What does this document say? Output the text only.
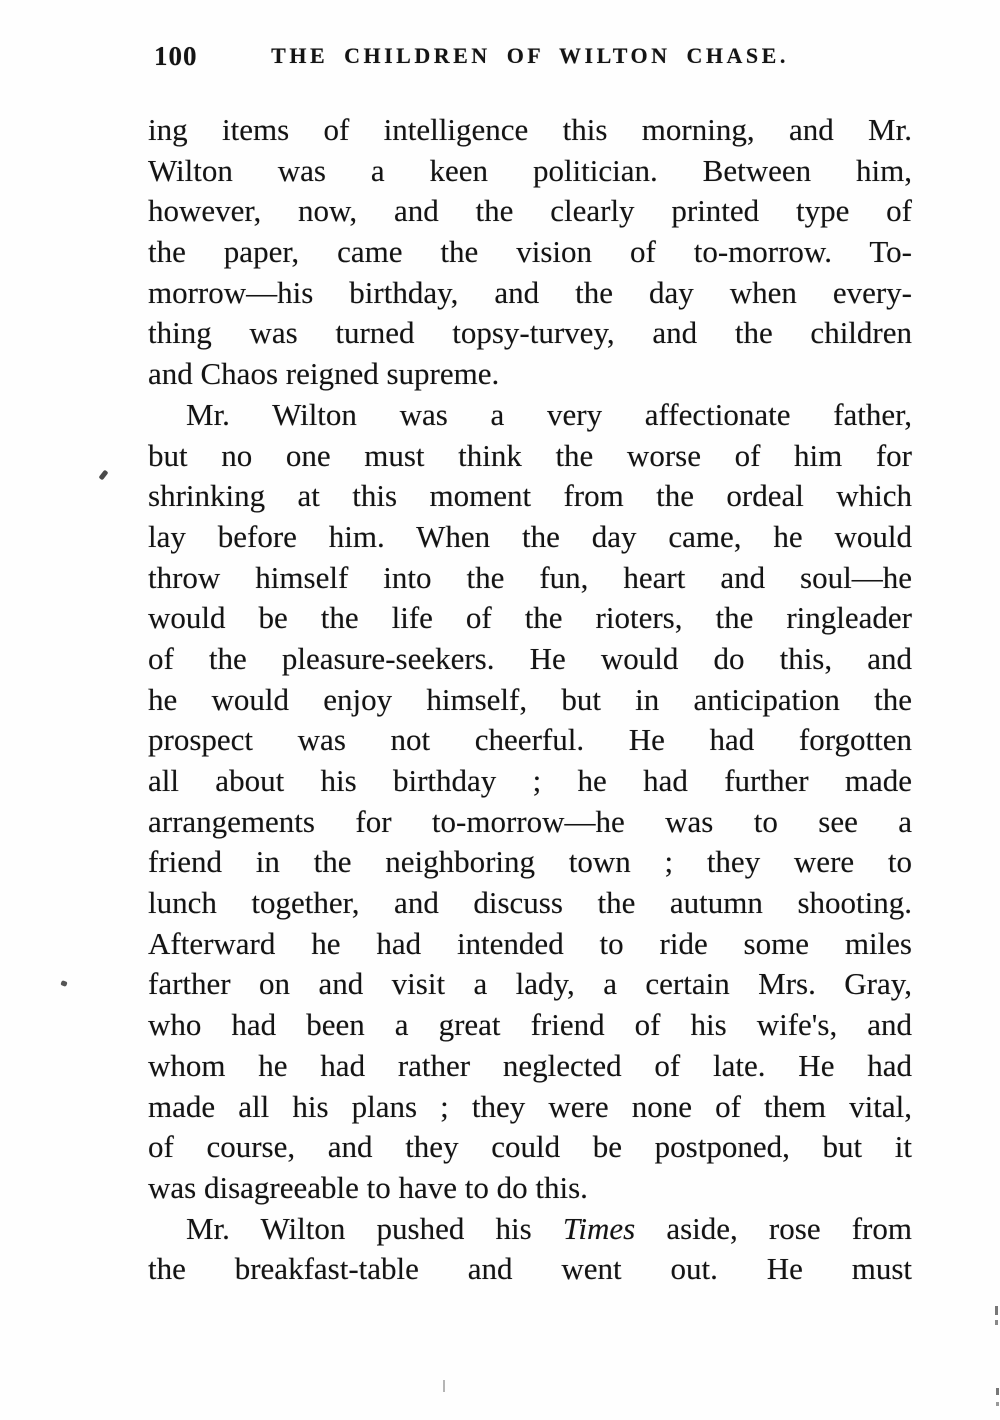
100	THE CHILDREN OF WILTON CHASE.
ing items of intelligence this morning, and Mr.
Wilton was a keen politician. Between him,
however, now, and the clearly printed type of
the paper, came the vision of to-morrow. To-
morrow—his birthday, and the day when every-
thing was turned topsy-turvey, and the children
and Chaos reigned supreme.
Mr. Wilton was a very affectionate father,
but no one must think the worse of him for
shrinking at this moment from the ordeal which
lay before him. When the day came, he would
throw himself into the fun, heart and soul—he
would be the life of the rioters, the ringleader
of the pleasure-seekers. He would do this, and
he would enjoy himself, but in anticipation the
prospect was not cheerful. He had forgotten
all about his birthday ; he had further made
arrangements for to-morrow—he was to see a
friend in the neighboring town ; they were to
lunch together, and discuss the autumn shooting.
Afterward he had intended to ride some miles
farther on and visit a lady, a certain Mrs. Gray,
who had been a great friend of his wife's, and
whom he had rather neglected of late. He had
made all his plans ; they were none of them vital,
of course, and they could be postponed, but it
was disagreeable to have to do this.
Mr. Wilton pushed his Times aside, rose from
the breakfast-table and went out. He must
